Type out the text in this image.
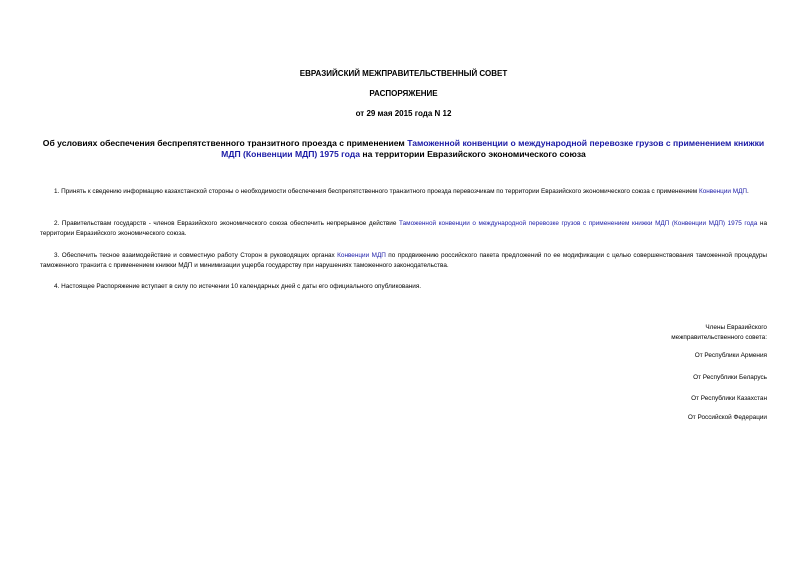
ЕВРАЗИЙСКИЙ МЕЖПРАВИТЕЛЬСТВЕННЫЙ СОВЕТ
РАСПОРЯЖЕНИЕ
от 29 мая 2015 года N 12
Об условиях обеспечения беспрепятственного транзитного проезда с применением Таможенной конвенции о международной перевозке грузов с применением книжки МДП (Конвенции МДП) 1975 года на территории Евразийского экономического союза
1. Принять к сведению информацию казахстанской стороны о необходимости обеспечения беспрепятственного транзитного проезда перевозчикам по территории Евразийского экономического союза с применением Конвенции МДП.
2. Правительствам государств - членов Евразийского экономического союза обеспечить непрерывное действие Таможенной конвенции о международной перевозке грузов с применением книжки МДП (Конвенции МДП) 1975 года на территории Евразийского экономического союза.
3. Обеспечить тесное взаимодействие и совместную работу Сторон в руководящих органах Конвенции МДП по продвижению российского пакета предложений по ее модификации с целью совершенствования таможенной процедуры таможенного транзита с применением книжки МДП и минимизации ущерба государству при нарушениях таможенного законодательства.
4. Настоящее Распоряжение вступает в силу по истечении 10 календарных дней с даты его официального опубликования.
Члены Евразийского
межправительственного совета:
От Республики Армения
От Республики Беларусь
От Республики Казахстан
От Российской Федерации
